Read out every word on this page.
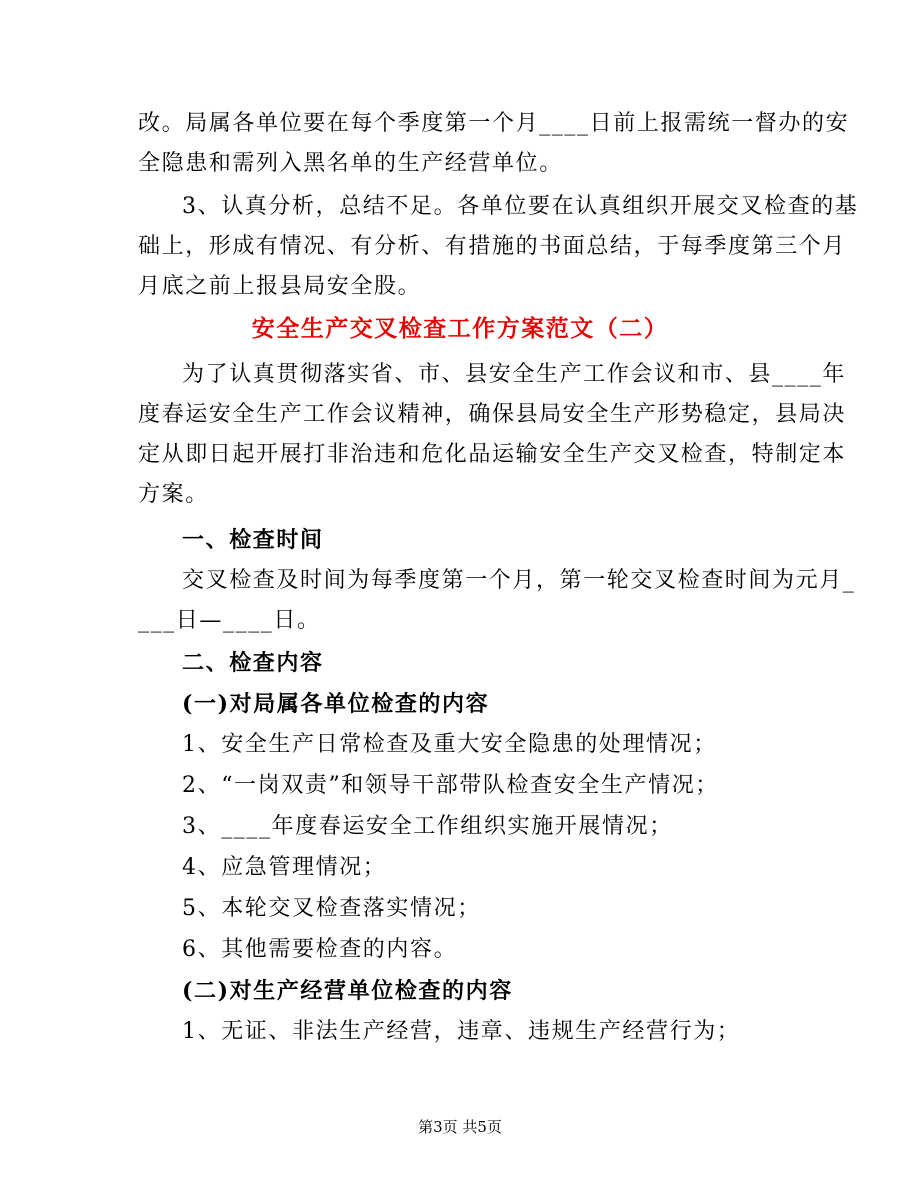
改。局属各单位要在每个季度第一个月____日前上报需统一督办的安
全隐患和需列入黑名单的生产经营单位。
3、认真分析，总结不足。各单位要在认真组织开展交叉检查的基
础上，形成有情况、有分析、有措施的书面总结，于每季度第三个月
月底之前上报县局安全股。
安全生产交叉检查工作方案范文（二）
为了认真贯彻落实省、市、县安全生产工作会议和市、县____年
度春运安全生产工作会议精神，确保县局安全生产形势稳定，县局决
定从即日起开展打非治违和危化品运输安全生产交叉检查，特制定本
方案。
一、检查时间
交叉检查及时间为每季度第一个月，第一轮交叉检查时间为元月_
___日—____日。
二、检查内容
(一)对局属各单位检查的内容
1、安全生产日常检查及重大安全隐患的处理情况；
2、“一岗双责”和领导干部带队检查安全生产情况；
3、____年度春运安全工作组织实施开展情况；
4、应急管理情况；
5、本轮交叉检查落实情况；
6、其他需要检查的内容。
(二)对生产经营单位检查的内容
1、无证、非法生产经营，违章、违规生产经营行为；
第3页 共5页
